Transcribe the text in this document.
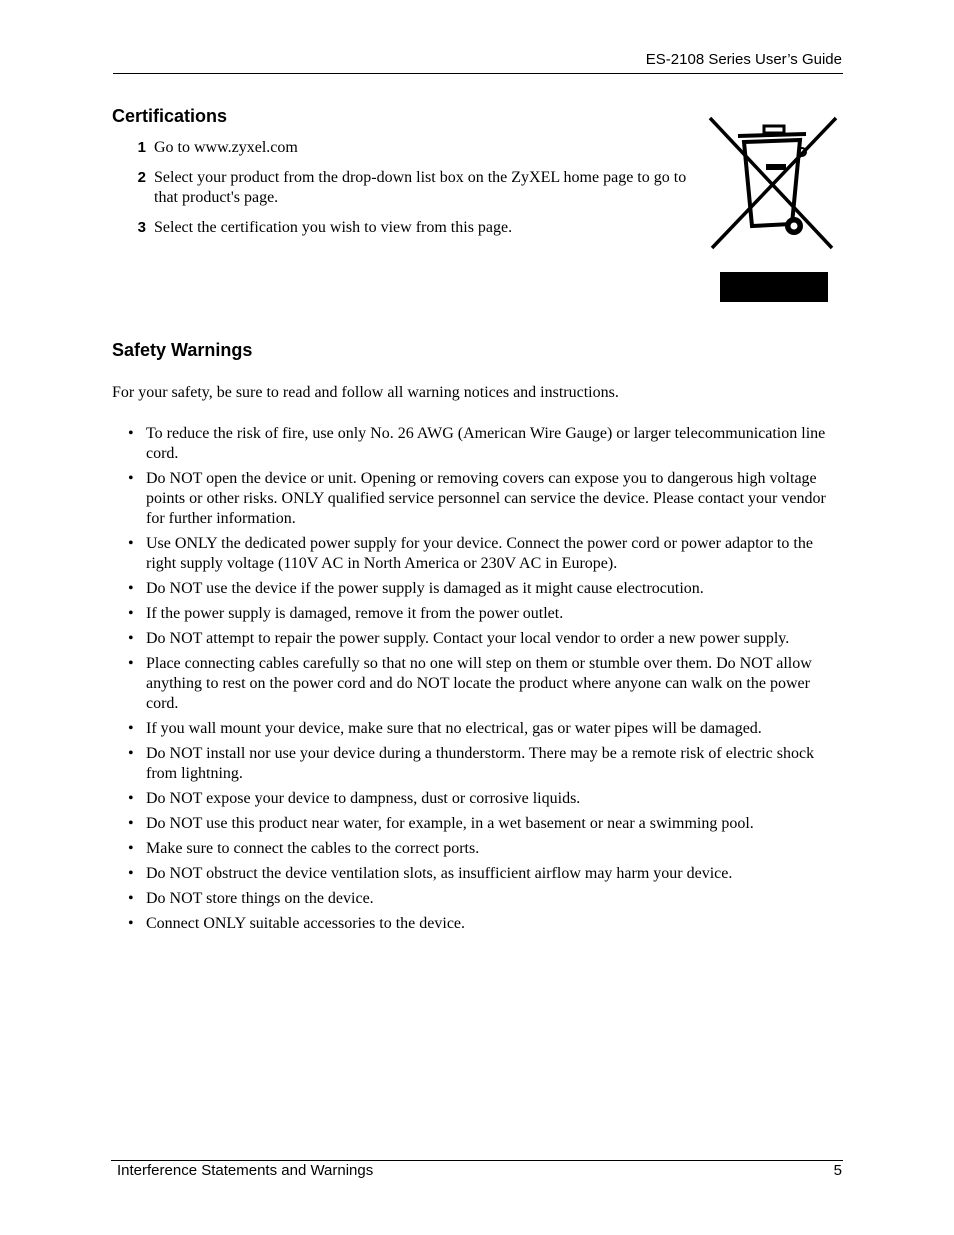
ES-2108 Series User’s Guide
Certifications
1 Go to www.zyxel.com
2 Select your product from the drop-down list box on the ZyXEL home page to go to that product's page.
3 Select the certification you wish to view from this page.
Safety Warnings

For your safety, be sure to read and follow all warning notices and instructions.

• To reduce the risk of fire, use only No. 26 AWG (American Wire Gauge) or larger telecommunication line cord.
• Do NOT open the device or unit. Opening or removing covers can expose you to dangerous high voltage points or other risks. ONLY qualified service personnel can service the device. Please contact your vendor for further information.
• Use ONLY the dedicated power supply for your device. Connect the power cord or power adaptor to the right supply voltage (110V AC in North America or 230V AC in Europe).
• Do NOT use the device if the power supply is damaged as it might cause electrocution.
• If the power supply is damaged, remove it from the power outlet.
• Do NOT attempt to repair the power supply. Contact your local vendor to order a new power supply.
• Place connecting cables carefully so that no one will step on them or stumble over them. Do NOT allow anything to rest on the power cord and do NOT locate the product where anyone can walk on the power cord.
• If you wall mount your device, make sure that no electrical, gas or water pipes will be damaged.
• Do NOT install nor use your device during a thunderstorm. There may be a remote risk of electric shock from lightning.
• Do NOT expose your device to dampness, dust or corrosive liquids.
• Do NOT use this product near water, for example, in a wet basement or near a swimming pool.
• Make sure to connect the cables to the correct ports.
• Do NOT obstruct the device ventilation slots, as insufficient airflow may harm your device.
• Do NOT store things on the device.
• Connect ONLY suitable accessories to the device.
Interference Statements and Warnings	5
